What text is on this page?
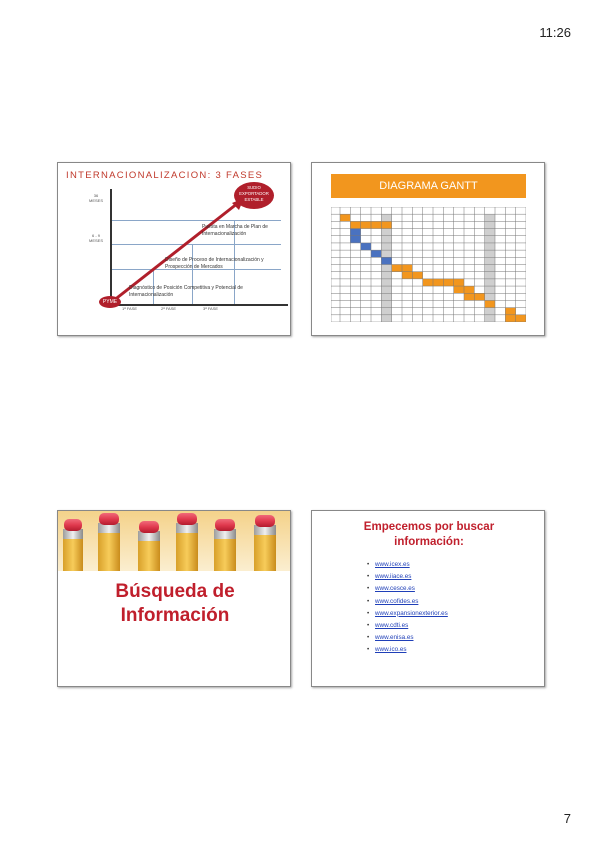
11:26
INTERNACIONALIZACION: 3 FASES
36 MESES
6 - 9 MESES
Diagnóstico de Posición Competitiva y Potencial de Internacionalización
Diseño de Proceso de Internacionalización y Prospección de Mercados
Puesta en Marcha de Plan de Internacionalización
1ª FASE	2ª FASE	3ª FASE
PYME
SUDIO EXPORTADOR ESTABLE
DIAGRAMA GANTT
Búsqueda de
Información
Empecemos por buscar
información:
• www.icex.es
• www.iiace.es
• www.cesce.es
• www.cofides.es
• www.expansionexterior.es
• www.cdti.es
• www.enisa.es
• www.ico.es
7
